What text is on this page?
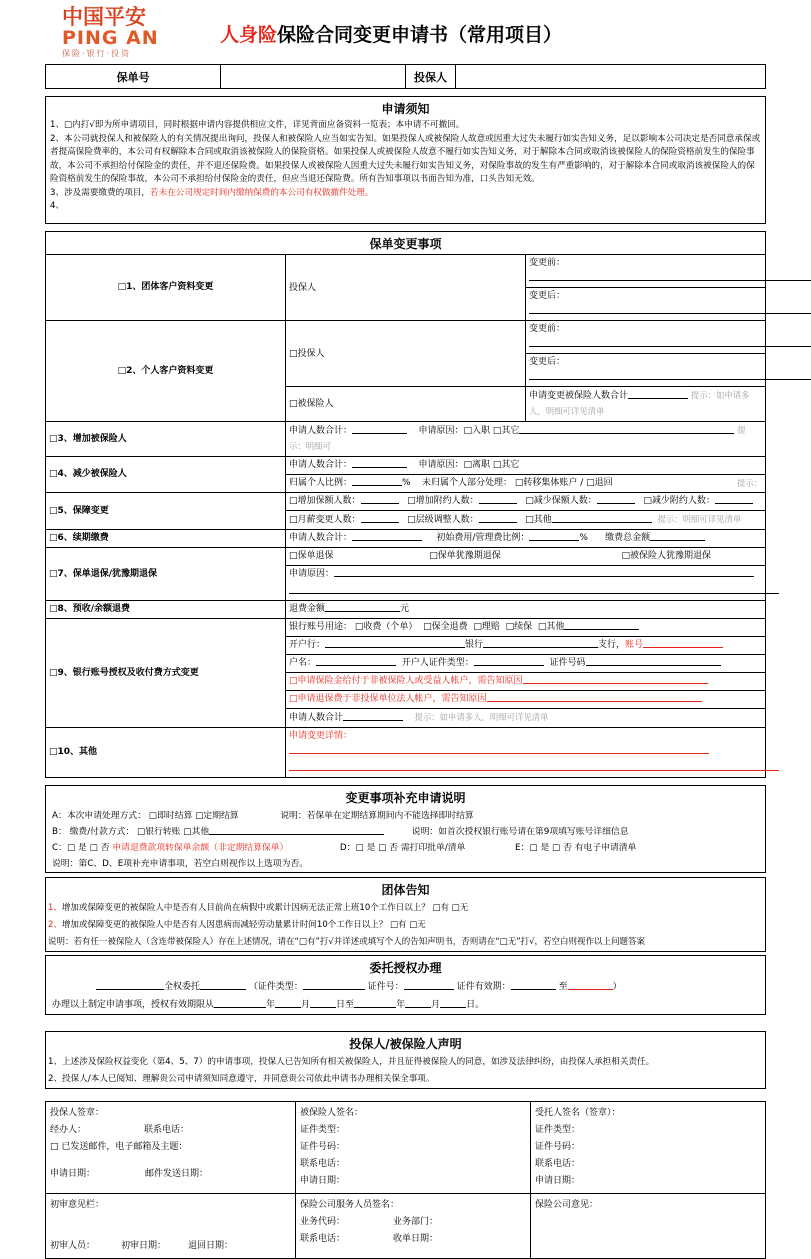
中国平安
PING AN
保险·银行·投资
人身险保险合同变更申请书（常用项目）
保单号		投保人	
申请须知
1、□内打√即为所申请项目，同时根据申请内容提供相应文件，详见背面应备资料一览表；本申请不可撤回。
2、本公司就投保人和被保险人的有关情况提出询问，投保人和被保险人应当如实告知。如果投保人或被保险人故意或因重大过失未履行如实告知义务，足以影响本公司决定是否同意承保或者提高保险费率的，本公司有权解除本合同或取消该被保险人的保险资格。如果投保人或被保险人故意不履行如实告知义务，对于解除本合同或取消该被保险人的保险资格前发生的保险事故，本公司不承担给付保险金的责任，并不退还保险费。如果投保人或被保险人因重大过失未履行如实告知义务，对保险事故的发生有严重影响的，对于解除本合同或取消该被保险人的保险资格前发生的保险事故，本公司不承担给付保险金的责任，但应当退还保险费。所有告知事项以书面告知为准，口头告知无效。
3、涉及需要缴费的项目，若未在公司规定时间内缴纳保费的本公司有权做撤件处理。
4、
保单变更事项		
□1、团体客户资料变更	投保人	变更前：
		变更后：
□2、个人客户资料变更	□投保人	变更前：
		变更后：
	□被保险人	申请变更被保险人数合计 提示：如申请多人，明细可详见清单
□3、增加被保险人	申请人数合计： 申请原因：□入职 □其它 提示：明细可	
□4、减少被保险人	申请人数合计： 申请原因：□离职 □其它	
	归属个人比例： %    未归属个人部分处理： □转移集体账户 / □退回 提示：	

□5、保障变更	□增加保额人数： □增加附约人数： □减少保额人数： □减少附约人数：	
	□月薪变更人数： □层级调整人数： □其他 提示：明细可详见清单	
□6、续期缴费	申请人数合计： 初始费用/管理费比例： %      缴费总金额	
□7、保单退保/犹豫期退保	□保单退保 □保单犹豫期退保 □被保险人犹豫期退保	
	申请原因：	

□8、预收/余额退费	退费金额 元	
□9、银行账号授权及收付费方式变更	银行账号用途： □收费（个单） □保全退费 □理赔 □续保 □其他	
	开户行： 银行 支行，账号	
	户名： 开户人证件类型： 证件号码	
	□申请保险金给付于非被保险人或受益人帐户，需告知原因	
	□申请退保费于非投保单位法人帐户，需告知原因	
	申请人数合计 提示：如申请多人，明细可详见清单	
□10、其他	申请变更详情：	

变更事项补充申请说明
A：本次申请处理方式： □即时结算 □定期结算	说明：若保单在定期结算期间内不能选择即时结算
B： 缴费/付款方式： □银行转账 □其他	说明：如首次授权银行账号请在第9项填写账号详细信息
C：□ 是 □ 否 申请退费款项转保单余额（非定期结算保单）	D：□ 是 □ 否 需打印批单/清单	E：□ 是 □ 否 有电子申请清单
说明：第C、D、E项补充申请事项，若空白则视作以上选项为否。
团体告知
1、增加或保障变更的被保险人中是否有人目前尚在病假中或累计因病无法正常上班10个工作日以上？ □有 □无
2、增加或保障变更的被保险人中是否有人因患病而减轻劳动量累计时间10个工作日以上？ □有 □无
说明：若有任一被保险人（含连带被保险人）存在上述情况，请在“□有”打√并详述或填写个人的告知声明书，否则请在“□无”打√，若空白则视作以上问题答案
委托授权办理
全权委托	（证件类型：	证件号：	证件有效期：	至	）
办理以上制定申请事项，授权有效期限从	年	月	日至	年	月	日。
投保人/被保险人声明
1、上述涉及保险权益变化（第4、5、7）的申请事项，投保人已告知所有相关被保险人，并且征得被保险人的同意，如涉及法律纠纷，由投保人承担相关责任。
2、投保人/本人已阅知、理解贵公司申请须知同意遵守，并同意贵公司依此申请书办理相关保全事项。
投保人签章：
经办人：	联系电话：
□ 已发送邮件，电子邮箱及主题：
申请日期：	邮件发送日期：

被保险人签名：
证件类型：
证件号码：
联系电话：
申请日期：

受托人签名（签章）：
证件类型：
证件号码：
联系电话：
申请日期：

初审意见栏：
初审人员：	初审日期： 退回日期：

保险公司服务人员签名：
业务代码：	业务部门：
联系电话：	收单日期：

保险公司意见：
